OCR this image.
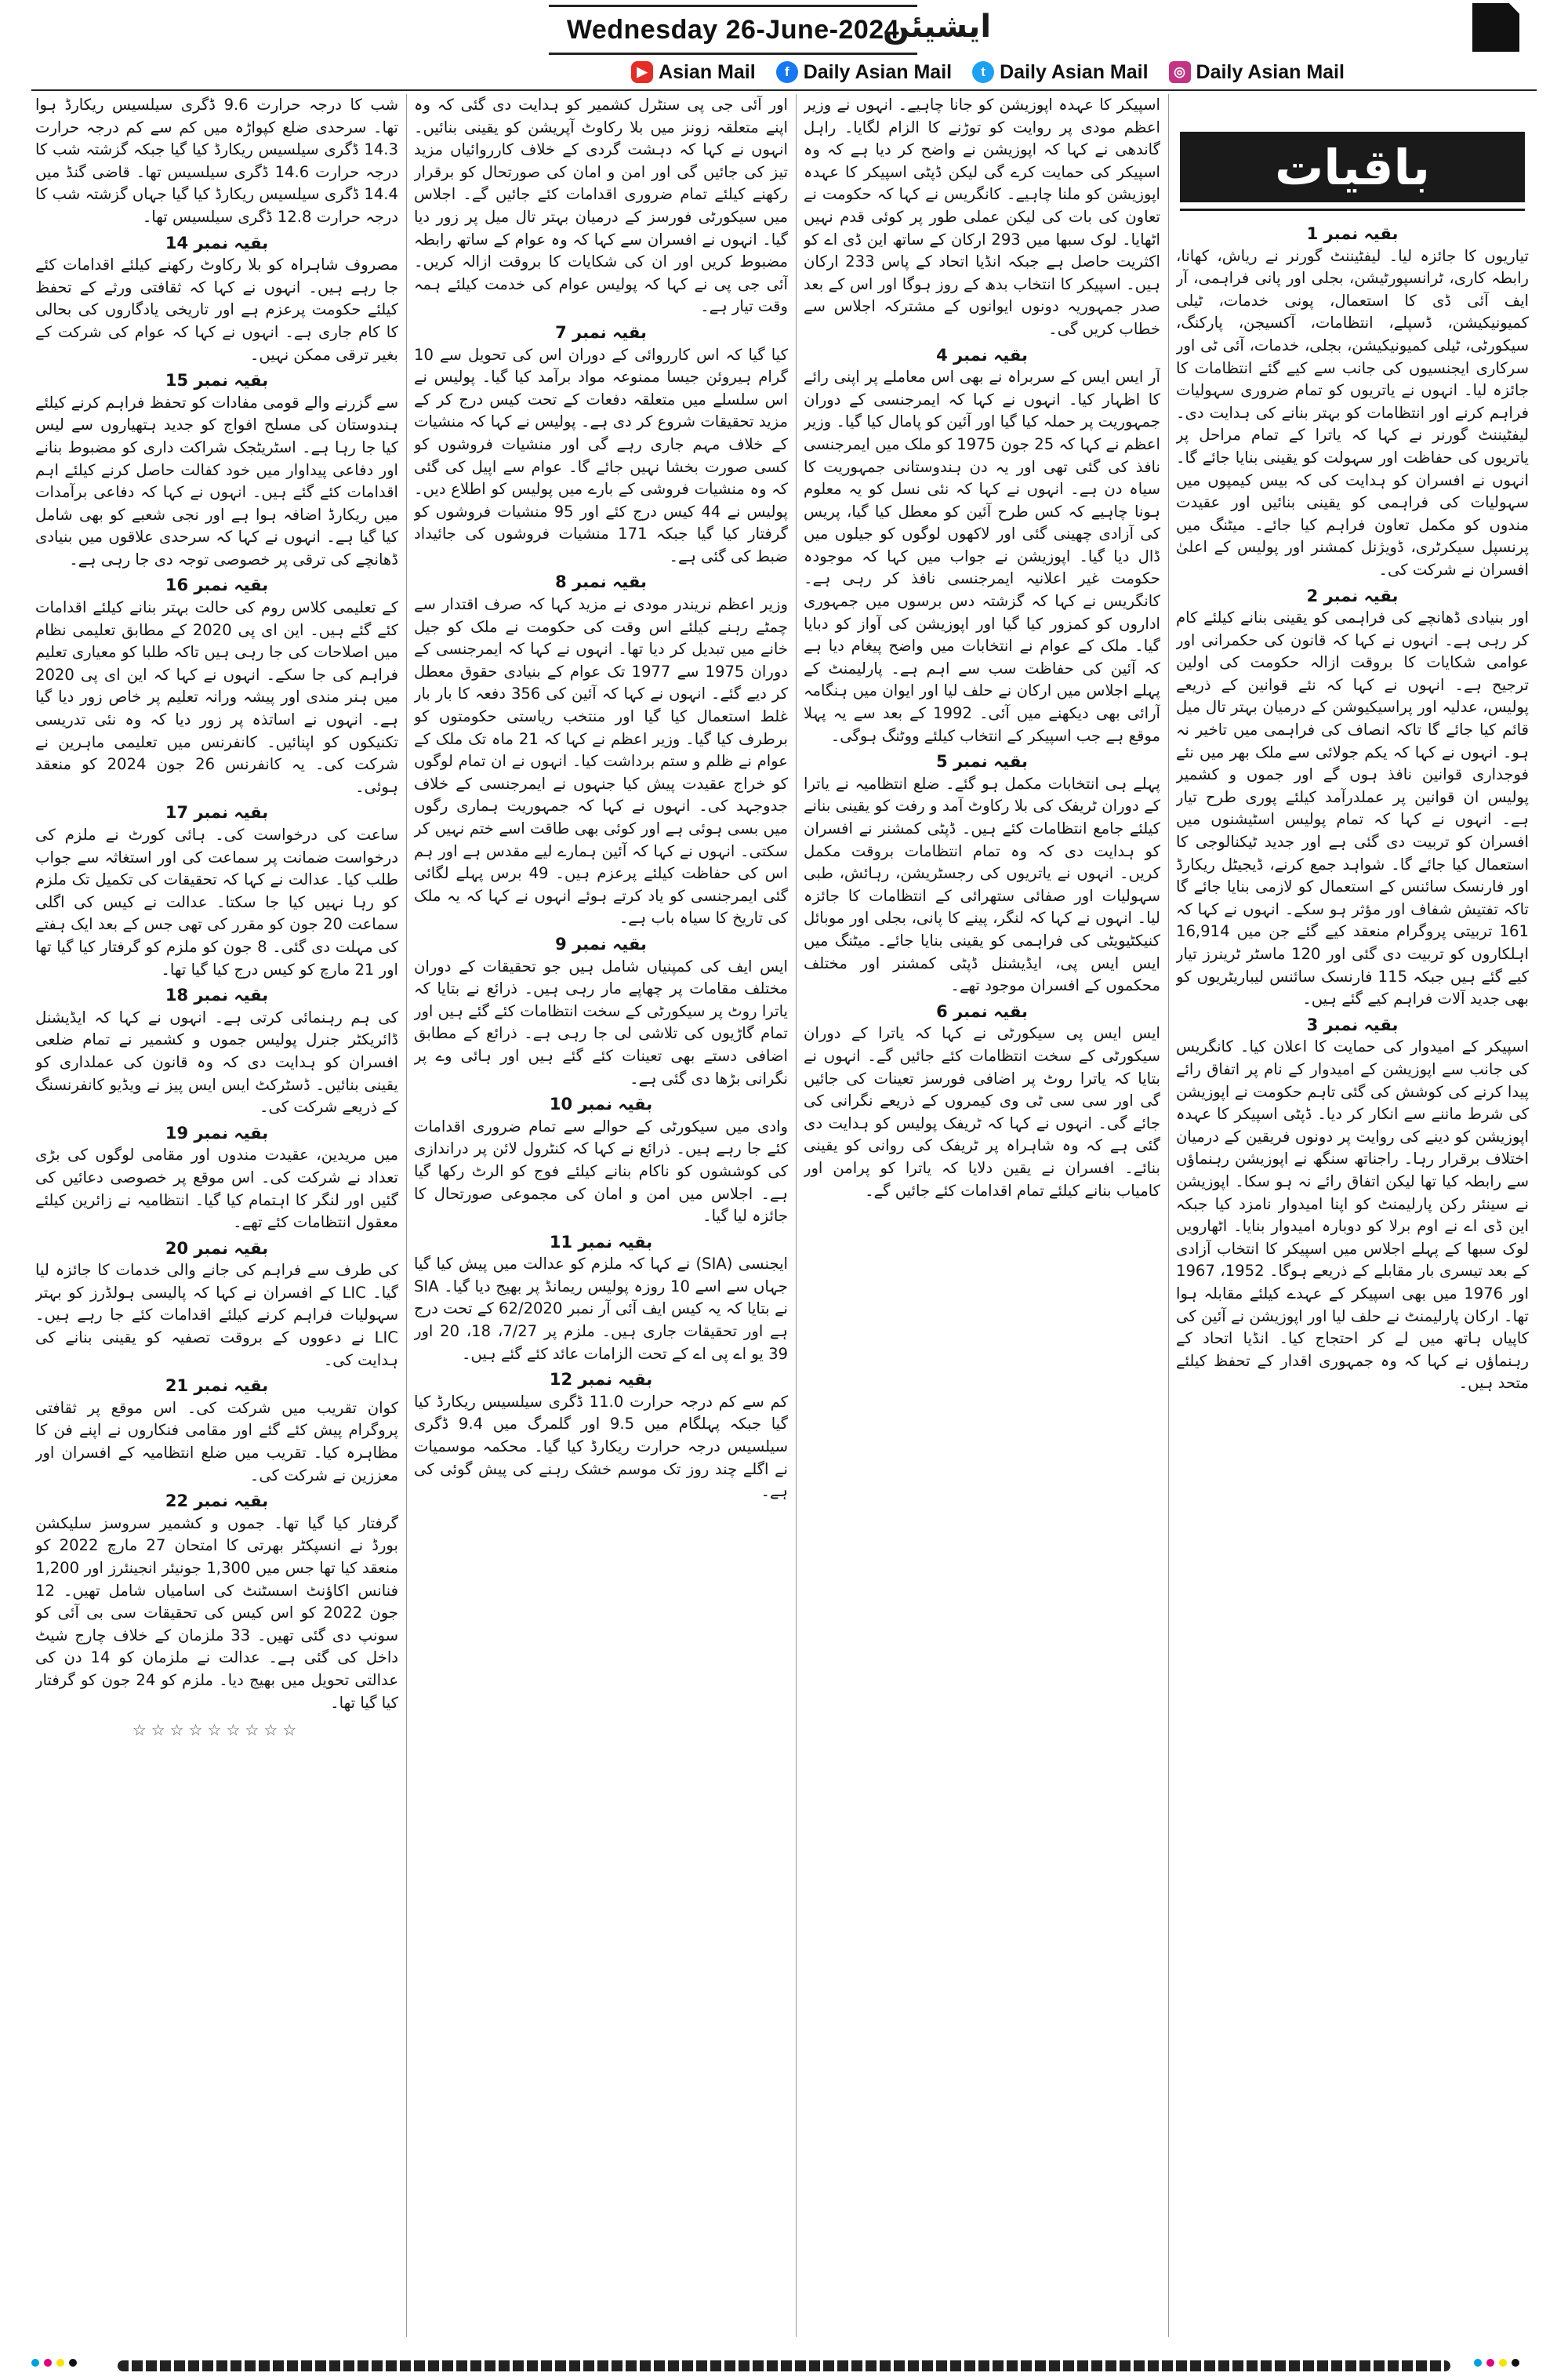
Wednesday 26-June-2024
ایشیئن
▶ Asian Mail	f Daily Asian Mail	t Daily Asian Mail	◎ Daily Asian Mail
باقیات
بقیہ نمبر 1

تیاریوں کا جائزہ لیا۔ لیفٹیننٹ گورنر نے ریاش، کھانا، رابطہ کاری، ٹرانسپورٹیشن، بجلی اور پانی فراہمی، آر ایف آئی ڈی کا استعمال، پونی خدمات، ٹیلی کمیونیکیشن، ڈسپلے، انتظامات، آکسیجن، پارکنگ، سیکورٹی، ٹیلی کمیونیکیشن، بجلی، خدمات، آئی ٹی اور سرکاری ایجنسیوں کی جانب سے کیے گئے انتظامات کا جائزہ لیا۔ انہوں نے یاتریوں کو تمام ضروری سہولیات فراہم کرنے اور انتظامات کو بہتر بنانے کی ہدایت دی۔ لیفٹیننٹ گورنر نے کہا کہ یاترا کے تمام مراحل پر یاتریوں کی حفاظت اور سہولت کو یقینی بنایا جائے گا۔ انہوں نے افسران کو ہدایت کی کہ بیس کیمپوں میں سہولیات کی فراہمی کو یقینی بنائیں اور عقیدت مندوں کو مکمل تعاون فراہم کیا جائے۔ میٹنگ میں پرنسپل سیکرٹری، ڈویژنل کمشنر اور پولیس کے اعلیٰ افسران نے شرکت کی۔

بقیہ نمبر 2

اور بنیادی ڈھانچے کی فراہمی کو یقینی بنانے کیلئے کام کر رہی ہے۔ انہوں نے کہا کہ قانون کی حکمرانی اور عوامی شکایات کا بروقت ازالہ حکومت کی اولین ترجیح ہے۔ انہوں نے کہا کہ نئے قوانین کے ذریعے پولیس، عدلیہ اور پراسیکیوشن کے درمیان بہتر تال میل قائم کیا جائے گا تاکہ انصاف کی فراہمی میں تاخیر نہ ہو۔ انہوں نے کہا کہ یکم جولائی سے ملک بھر میں نئے فوجداری قوانین نافذ ہوں گے اور جموں و کشمیر پولیس ان قوانین پر عملدرآمد کیلئے پوری طرح تیار ہے۔ انہوں نے کہا کہ تمام پولیس اسٹیشنوں میں افسران کو تربیت دی گئی ہے اور جدید ٹیکنالوجی کا استعمال کیا جائے گا۔ شواہد جمع کرنے، ڈیجیٹل ریکارڈ اور فارنسک سائنس کے استعمال کو لازمی بنایا جائے گا تاکہ تفتیش شفاف اور مؤثر ہو سکے۔ انہوں نے کہا کہ 161 تربیتی پروگرام منعقد کیے گئے جن میں 16,914 اہلکاروں کو تربیت دی گئی اور 120 ماسٹر ٹرینرز تیار کیے گئے ہیں جبکہ 115 فارنسک سائنس لیباریٹریوں کو بھی جدید آلات فراہم کیے گئے ہیں۔

بقیہ نمبر 3

اسپیکر کے امیدوار کی حمایت کا اعلان کیا۔ کانگریس کی جانب سے اپوزیشن کے امیدوار کے نام پر اتفاق رائے پیدا کرنے کی کوشش کی گئی تاہم حکومت نے اپوزیشن کی شرط ماننے سے انکار کر دیا۔ ڈپٹی اسپیکر کا عہدہ اپوزیشن کو دینے کی روایت پر دونوں فریقین کے درمیان اختلاف برقرار رہا۔ راجناتھ سنگھ نے اپوزیشن رہنماؤں سے رابطہ کیا تھا لیکن اتفاق رائے نہ ہو سکا۔ اپوزیشن نے سینئر رکن پارلیمنٹ کو اپنا امیدوار نامزد کیا جبکہ این ڈی اے نے اوم برلا کو دوبارہ امیدوار بنایا۔ اٹھارویں لوک سبھا کے پہلے اجلاس میں اسپیکر کا انتخاب آزادی کے بعد تیسری بار مقابلے کے ذریعے ہوگا۔ 1952، 1967 اور 1976 میں بھی اسپیکر کے عہدے کیلئے مقابلہ ہوا تھا۔ ارکان پارلیمنٹ نے حلف لیا اور اپوزیشن نے آئین کی کاپیاں ہاتھ میں لے کر احتجاج کیا۔ انڈیا اتحاد کے رہنماؤں نے کہا کہ وہ جمہوری اقدار کے تحفظ کیلئے متحد ہیں۔

اسپیکر کا عہدہ اپوزیشن کو جانا چاہیے۔ انہوں نے وزیر اعظم مودی پر روایت کو توڑنے کا الزام لگایا۔ راہل گاندھی نے کہا کہ اپوزیشن نے واضح کر دیا ہے کہ وہ اسپیکر کی حمایت کرے گی لیکن ڈپٹی اسپیکر کا عہدہ اپوزیشن کو ملنا چاہیے۔ کانگریس نے کہا کہ حکومت نے تعاون کی بات کی لیکن عملی طور پر کوئی قدم نہیں اٹھایا۔ لوک سبھا میں 293 ارکان کے ساتھ این ڈی اے کو اکثریت حاصل ہے جبکہ انڈیا اتحاد کے پاس 233 ارکان ہیں۔ اسپیکر کا انتخاب بدھ کے روز ہوگا اور اس کے بعد صدر جمہوریہ دونوں ایوانوں کے مشترکہ اجلاس سے خطاب کریں گی۔

بقیہ نمبر 4

آر ایس ایس کے سربراہ نے بھی اس معاملے پر اپنی رائے کا اظہار کیا۔ انہوں نے کہا کہ ایمرجنسی کے دوران جمہوریت پر حملہ کیا گیا اور آئین کو پامال کیا گیا۔ وزیر اعظم نے کہا کہ 25 جون 1975 کو ملک میں ایمرجنسی نافذ کی گئی تھی اور یہ دن ہندوستانی جمہوریت کا سیاہ دن ہے۔ انہوں نے کہا کہ نئی نسل کو یہ معلوم ہونا چاہیے کہ کس طرح آئین کو معطل کیا گیا، پریس کی آزادی چھینی گئی اور لاکھوں لوگوں کو جیلوں میں ڈال دیا گیا۔ اپوزیشن نے جواب میں کہا کہ موجودہ حکومت غیر اعلانیہ ایمرجنسی نافذ کر رہی ہے۔ کانگریس نے کہا کہ گزشتہ دس برسوں میں جمہوری اداروں کو کمزور کیا گیا اور اپوزیشن کی آواز کو دبایا گیا۔ ملک کے عوام نے انتخابات میں واضح پیغام دیا ہے کہ آئین کی حفاظت سب سے اہم ہے۔ پارلیمنٹ کے پہلے اجلاس میں ارکان نے حلف لیا اور ایوان میں ہنگامہ آرائی بھی دیکھنے میں آئی۔ 1992 کے بعد سے یہ پہلا موقع ہے جب اسپیکر کے انتخاب کیلئے ووٹنگ ہوگی۔

بقیہ نمبر 5

پہلے ہی انتخابات مکمل ہو گئے۔ ضلع انتظامیہ نے یاترا کے دوران ٹریفک کی بلا رکاوٹ آمد و رفت کو یقینی بنانے کیلئے جامع انتظامات کئے ہیں۔ ڈپٹی کمشنر نے افسران کو ہدایت دی کہ وہ تمام انتظامات بروقت مکمل کریں۔ انہوں نے یاتریوں کی رجسٹریشن، رہائش، طبی سہولیات اور صفائی ستھرائی کے انتظامات کا جائزہ لیا۔ انہوں نے کہا کہ لنگر، پینے کا پانی، بجلی اور موبائل کنیکٹیویٹی کی فراہمی کو یقینی بنایا جائے۔ میٹنگ میں ایس ایس پی، ایڈیشنل ڈپٹی کمشنر اور مختلف محکموں کے افسران موجود تھے۔

بقیہ نمبر 6

ایس ایس پی سیکورٹی نے کہا کہ یاترا کے دوران سیکورٹی کے سخت انتظامات کئے جائیں گے۔ انہوں نے بتایا کہ یاترا روٹ پر اضافی فورسز تعینات کی جائیں گی اور سی سی ٹی وی کیمروں کے ذریعے نگرانی کی جائے گی۔ انہوں نے کہا کہ ٹریفک پولیس کو ہدایت دی گئی ہے کہ وہ شاہراہ پر ٹریفک کی روانی کو یقینی بنائے۔ افسران نے یقین دلایا کہ یاترا کو پرامن اور کامیاب بنانے کیلئے تمام اقدامات کئے جائیں گے۔

اور آئی جی پی سنٹرل کشمیر کو ہدایت دی گئی کہ وہ اپنے متعلقہ زونز میں بلا رکاوٹ آپریشن کو یقینی بنائیں۔ انہوں نے کہا کہ دہشت گردی کے خلاف کارروائیاں مزید تیز کی جائیں گی اور امن و امان کی صورتحال کو برقرار رکھنے کیلئے تمام ضروری اقدامات کئے جائیں گے۔ اجلاس میں سیکورٹی فورسز کے درمیان بہتر تال میل پر زور دیا گیا۔ انہوں نے افسران سے کہا کہ وہ عوام کے ساتھ رابطہ مضبوط کریں اور ان کی شکایات کا بروقت ازالہ کریں۔ آئی جی پی نے کہا کہ پولیس عوام کی خدمت کیلئے ہمہ وقت تیار ہے۔

بقیہ نمبر 7

کیا گیا کہ اس کارروائی کے دوران اس کی تحویل سے 10 گرام ہیروئن جیسا ممنوعہ مواد برآمد کیا گیا۔ پولیس نے اس سلسلے میں متعلقہ دفعات کے تحت کیس درج کر کے مزید تحقیقات شروع کر دی ہے۔ پولیس نے کہا کہ منشیات کے خلاف مہم جاری رہے گی اور منشیات فروشوں کو کسی صورت بخشا نہیں جائے گا۔ عوام سے اپیل کی گئی کہ وہ منشیات فروشی کے بارے میں پولیس کو اطلاع دیں۔ پولیس نے 44 کیس درج کئے اور 95 منشیات فروشوں کو گرفتار کیا گیا جبکہ 171 منشیات فروشوں کی جائیداد ضبط کی گئی ہے۔

بقیہ نمبر 8

وزیر اعظم نریندر مودی نے مزید کہا کہ صرف اقتدار سے چمٹے رہنے کیلئے اس وقت کی حکومت نے ملک کو جیل خانے میں تبدیل کر دیا تھا۔ انہوں نے کہا کہ ایمرجنسی کے دوران 1975 سے 1977 تک عوام کے بنیادی حقوق معطل کر دیے گئے۔ انہوں نے کہا کہ آئین کی 356 دفعہ کا بار بار غلط استعمال کیا گیا اور منتخب ریاستی حکومتوں کو برطرف کیا گیا۔ وزیر اعظم نے کہا کہ 21 ماہ تک ملک کے عوام نے ظلم و ستم برداشت کیا۔ انہوں نے ان تمام لوگوں کو خراج عقیدت پیش کیا جنہوں نے ایمرجنسی کے خلاف جدوجہد کی۔ انہوں نے کہا کہ جمہوریت ہماری رگوں میں بسی ہوئی ہے اور کوئی بھی طاقت اسے ختم نہیں کر سکتی۔ انہوں نے کہا کہ آئین ہمارے لیے مقدس ہے اور ہم اس کی حفاظت کیلئے پرعزم ہیں۔ 49 برس پہلے لگائی گئی ایمرجنسی کو یاد کرتے ہوئے انہوں نے کہا کہ یہ ملک کی تاریخ کا سیاہ باب ہے۔

بقیہ نمبر 9

ایس ایف کی کمپنیاں شامل ہیں جو تحقیقات کے دوران مختلف مقامات پر چھاپے مار رہی ہیں۔ ذرائع نے بتایا کہ یاترا روٹ پر سیکورٹی کے سخت انتظامات کئے گئے ہیں اور تمام گاڑیوں کی تلاشی لی جا رہی ہے۔ ذرائع کے مطابق اضافی دستے بھی تعینات کئے گئے ہیں اور ہائی وے پر نگرانی بڑھا دی گئی ہے۔

بقیہ نمبر 10

وادی میں سیکورٹی کے حوالے سے تمام ضروری اقدامات کئے جا رہے ہیں۔ ذرائع نے کہا کہ کنٹرول لائن پر دراندازی کی کوششوں کو ناکام بنانے کیلئے فوج کو الرٹ رکھا گیا ہے۔ اجلاس میں امن و امان کی مجموعی صورتحال کا جائزہ لیا گیا۔

بقیہ نمبر 11

ایجنسی (SIA) نے کہا کہ ملزم کو عدالت میں پیش کیا گیا جہاں سے اسے 10 روزہ پولیس ریمانڈ پر بھیج دیا گیا۔ SIA نے بتایا کہ یہ کیس ایف آئی آر نمبر 62/2020 کے تحت درج ہے اور تحقیقات جاری ہیں۔ ملزم پر 7/27، 18، 20 اور 39 یو اے پی اے کے تحت الزامات عائد کئے گئے ہیں۔

بقیہ نمبر 12

کم سے کم درجہ حرارت 11.0 ڈگری سیلسیس ریکارڈ کیا گیا جبکہ پہلگام میں 9.5 اور گلمرگ میں 9.4 ڈگری سیلسیس درجہ حرارت ریکارڈ کیا گیا۔ محکمہ موسمیات نے اگلے چند روز تک موسم خشک رہنے کی پیش گوئی کی ہے۔

شب کا درجہ حرارت 9.6 ڈگری سیلسیس ریکارڈ ہوا تھا۔ سرحدی ضلع کپواڑہ میں کم سے کم درجہ حرارت 14.3 ڈگری سیلسیس ریکارڈ کیا گیا جبکہ گزشتہ شب کا درجہ حرارت 14.6 ڈگری سیلسیس تھا۔ قاضی گنڈ میں 14.4 ڈگری سیلسیس ریکارڈ کیا گیا جہاں گزشتہ شب کا درجہ حرارت 12.8 ڈگری سیلسیس تھا۔

بقیہ نمبر 14

مصروف شاہراہ کو بلا رکاوٹ رکھنے کیلئے اقدامات کئے جا رہے ہیں۔ انہوں نے کہا کہ ثقافتی ورثے کے تحفظ کیلئے حکومت پرعزم ہے اور تاریخی یادگاروں کی بحالی کا کام جاری ہے۔ انہوں نے کہا کہ عوام کی شرکت کے بغیر ترقی ممکن نہیں۔

بقیہ نمبر 15

سے گزرنے والے قومی مفادات کو تحفظ فراہم کرنے کیلئے ہندوستان کی مسلح افواج کو جدید ہتھیاروں سے لیس کیا جا رہا ہے۔ اسٹریٹجک شراکت داری کو مضبوط بنانے اور دفاعی پیداوار میں خود کفالت حاصل کرنے کیلئے اہم اقدامات کئے گئے ہیں۔ انہوں نے کہا کہ دفاعی برآمدات میں ریکارڈ اضافہ ہوا ہے اور نجی شعبے کو بھی شامل کیا گیا ہے۔ انہوں نے کہا کہ سرحدی علاقوں میں بنیادی ڈھانچے کی ترقی پر خصوصی توجہ دی جا رہی ہے۔

بقیہ نمبر 16

کے تعلیمی کلاس روم کی حالت بہتر بنانے کیلئے اقدامات کئے گئے ہیں۔ این ای پی 2020 کے مطابق تعلیمی نظام میں اصلاحات کی جا رہی ہیں تاکہ طلبا کو معیاری تعلیم فراہم کی جا سکے۔ انہوں نے کہا کہ این ای پی 2020 میں ہنر مندی اور پیشہ ورانہ تعلیم پر خاص زور دیا گیا ہے۔ انہوں نے اساتذہ پر زور دیا کہ وہ نئی تدریسی تکنیکوں کو اپنائیں۔ کانفرنس میں تعلیمی ماہرین نے شرکت کی۔ یہ کانفرنس 26 جون 2024 کو منعقد ہوئی۔

بقیہ نمبر 17

ساعت کی درخواست کی۔ ہائی کورٹ نے ملزم کی درخواست ضمانت پر سماعت کی اور استغاثہ سے جواب طلب کیا۔ عدالت نے کہا کہ تحقیقات کی تکمیل تک ملزم کو رہا نہیں کیا جا سکتا۔ عدالت نے کیس کی اگلی سماعت 20 جون کو مقرر کی تھی جس کے بعد ایک ہفتے کی مہلت دی گئی۔ 8 جون کو ملزم کو گرفتار کیا گیا تھا اور 21 مارچ کو کیس درج کیا گیا تھا۔

بقیہ نمبر 18

کی ہم رہنمائی کرتی ہے۔ انہوں نے کہا کہ ایڈیشنل ڈائریکٹر جنرل پولیس جموں و کشمیر نے تمام ضلعی افسران کو ہدایت دی کہ وہ قانون کی عملداری کو یقینی بنائیں۔ ڈسٹرکٹ ایس ایس پیز نے ویڈیو کانفرنسنگ کے ذریعے شرکت کی۔

بقیہ نمبر 19

میں مریدین، عقیدت مندوں اور مقامی لوگوں کی بڑی تعداد نے شرکت کی۔ اس موقع پر خصوصی دعائیں کی گئیں اور لنگر کا اہتمام کیا گیا۔ انتظامیہ نے زائرین کیلئے معقول انتظامات کئے تھے۔

بقیہ نمبر 20

کی طرف سے فراہم کی جانے والی خدمات کا جائزہ لیا گیا۔ LIC کے افسران نے کہا کہ پالیسی ہولڈرز کو بہتر سہولیات فراہم کرنے کیلئے اقدامات کئے جا رہے ہیں۔ LIC نے دعووں کے بروقت تصفیہ کو یقینی بنانے کی ہدایت کی۔

بقیہ نمبر 21

کوان تقریب میں شرکت کی۔ اس موقع پر ثقافتی پروگرام پیش کئے گئے اور مقامی فنکاروں نے اپنے فن کا مظاہرہ کیا۔ تقریب میں ضلع انتظامیہ کے افسران اور معززین نے شرکت کی۔

بقیہ نمبر 22

گرفتار کیا گیا تھا۔ جموں و کشمیر سروسز سلیکشن بورڈ نے انسپکٹر بھرتی کا امتحان 27 مارچ 2022 کو منعقد کیا تھا جس میں 1,300 جونیئر انجینئرز اور 1,200 فنانس اکاؤنٹ اسسٹنٹ کی اسامیاں شامل تھیں۔ 12 جون 2022 کو اس کیس کی تحقیقات سی بی آئی کو سونپ دی گئی تھیں۔ 33 ملزمان کے خلاف چارج شیٹ داخل کی گئی ہے۔ عدالت نے ملزمان کو 14 دن کی عدالتی تحویل میں بھیج دیا۔ ملزم کو 24 جون کو گرفتار کیا گیا تھا۔

☆☆☆☆☆☆☆☆☆
